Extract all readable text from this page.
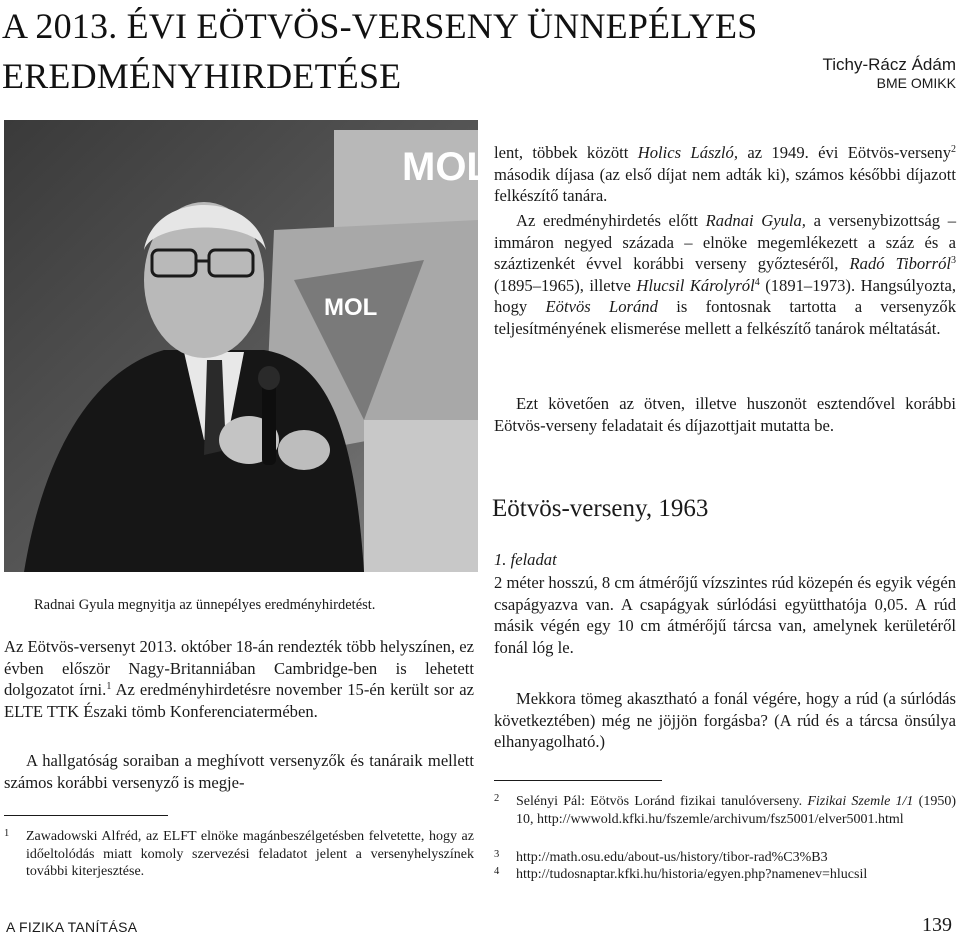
A 2013. ÉVI EÖTVÖS-VERSENY ÜNNEPÉLYES
EREDMÉNYHIRDETÉSE	Tichy-Rácz Ádám
BME OMIKK
MOL
MOL
Radnai Gyula megnyitja az ünnepélyes eredményhirdetést.

Az Eötvös-versenyt 2013. október 18-án rendezték több helyszínen, ez évben először Nagy-Britanniában Cambridge-ben is lehetett dolgozatot írni.$^1$ Az eredményhirdetésre november 15-én került sor az ELTE TTK Északi tömb Konferenciatermében.

A hallgatóság soraiban a meghívott versenyzők és tanáraik mellett számos korábbi versenyző is megje-

1	Zawadowski Alfréd, az ELFT elnöke magánbeszélgetésben felvetette, hogy az időeltolódás miatt komoly szervezési feladatot jelent a versenyhelyszínek további kiterjesztése.

lent, többek között Holics László, az 1949. évi Eötvös-verseny$^2$ második díjasa (az első díjat nem adták ki), számos későbbi díjazott felkészítő tanára.

Az eredményhirdetés előtt Radnai Gyula, a versenybizottság – immáron negyed százada – elnöke megemlékezett a száz és a száztizenkét évvel korábbi verseny győzteséről, Radó Tiborról$^3$ (1895–1965), illetve Hlucsil Károlyról$^4$ (1891–1973). Hangsúlyozta, hogy Eötvös Loránd is fontosnak tartotta a versenyzők teljesítményének elismerése mellett a felkészítő tanárok méltatását.

Ezt követően az ötven, illetve huszonöt esztendővel korábbi Eötvös-verseny feladatait és díjazottjait mutatta be.

Eötvös-verseny, 1963

1. feladat

2 méter hosszú, 8 cm átmérőjű vízszintes rúd közepén és egyik végén csapágyazva van. A csapágyak súrlódási együtthatója 0,05. A rúd másik végén egy 10 cm átmérőjű tárcsa van, amelynek kerületéről fonál lóg le.

Mekkora tömeg akasztható a fonál végére, hogy a rúd (a súrlódás következtében) még ne jöjjön forgásba? (A rúd és a tárcsa önsúlya elhanyagolható.)

2	Selényi Pál: Eötvös Loránd fizikai tanulóverseny. Fizikai Szemle 1/1 (1950) 10, http://wwwold.kfki.hu/fszemle/archivum/fsz5001/elver5001.html
3	http://math.osu.edu/about-us/history/tibor-rad%C3%B3
4	http://tudosnaptar.kfki.hu/historia/egyen.php?namenev=hlucsil
A FIZIKA TANÍTÁSA	139
